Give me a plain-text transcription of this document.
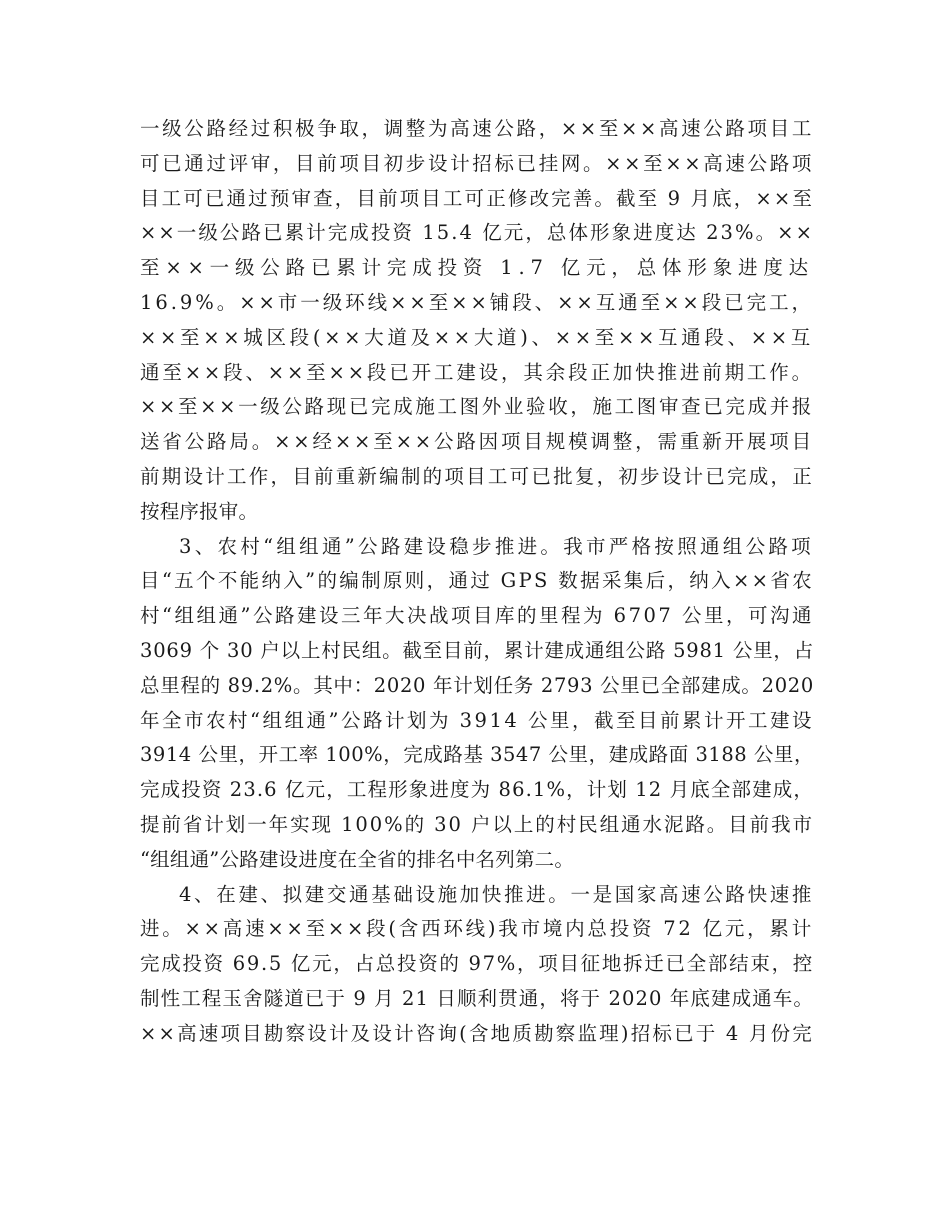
一级公路经过积极争取，调整为高速公路，××至××高速公路项目工
可已通过评审，目前项目初步设计招标已挂网。××至××高速公路项
目工可已通过预审查，目前项目工可正修改完善。截至 9 月底，××至
××一级公路已累计完成投资 15.4 亿元，总体形象进度达 23%。××
至××一级公路已累计完成投资 1.7 亿元，总体形象进度达
16.9%。××市一级环线××至××铺段、××互通至××段已完工，
××至××城区段(××大道及××大道)、××至××互通段、××互
通至××段、××至××段已开工建设，其余段正加快推进前期工作。
××至××一级公路现已完成施工图外业验收，施工图审查已完成并报
送省公路局。××经××至××公路因项目规模调整，需重新开展项目
前期设计工作，目前重新编制的项目工可已批复，初步设计已完成，正
按程序报审。
3、农村“组组通”公路建设稳步推进。我市严格按照通组公路项
目“五个不能纳入”的编制原则，通过 GPS 数据采集后，纳入××省农
村“组组通”公路建设三年大决战项目库的里程为 6707 公里，可沟通
3069 个 30 户以上村民组。截至目前，累计建成通组公路 5981 公里，占
总里程的 89.2%。其中：2020 年计划任务 2793 公里已全部建成。2020
年全市农村“组组通”公路计划为 3914 公里，截至目前累计开工建设
3914 公里，开工率 100%，完成路基 3547 公里，建成路面 3188 公里，
完成投资 23.6 亿元，工程形象进度为 86.1%，计划 12 月底全部建成，
提前省计划一年实现 100%的 30 户以上的村民组通水泥路。目前我市
“组组通”公路建设进度在全省的排名中名列第二。
4、在建、拟建交通基础设施加快推进。一是国家高速公路快速推
进。××高速××至××段(含西环线)我市境内总投资 72 亿元，累计
完成投资 69.5 亿元，占总投资的 97%，项目征地拆迁已全部结束，控
制性工程玉舍隧道已于 9 月 21 日顺利贯通，将于 2020 年底建成通车。
××高速项目勘察设计及设计咨询(含地质勘察监理)招标已于 4 月份完
